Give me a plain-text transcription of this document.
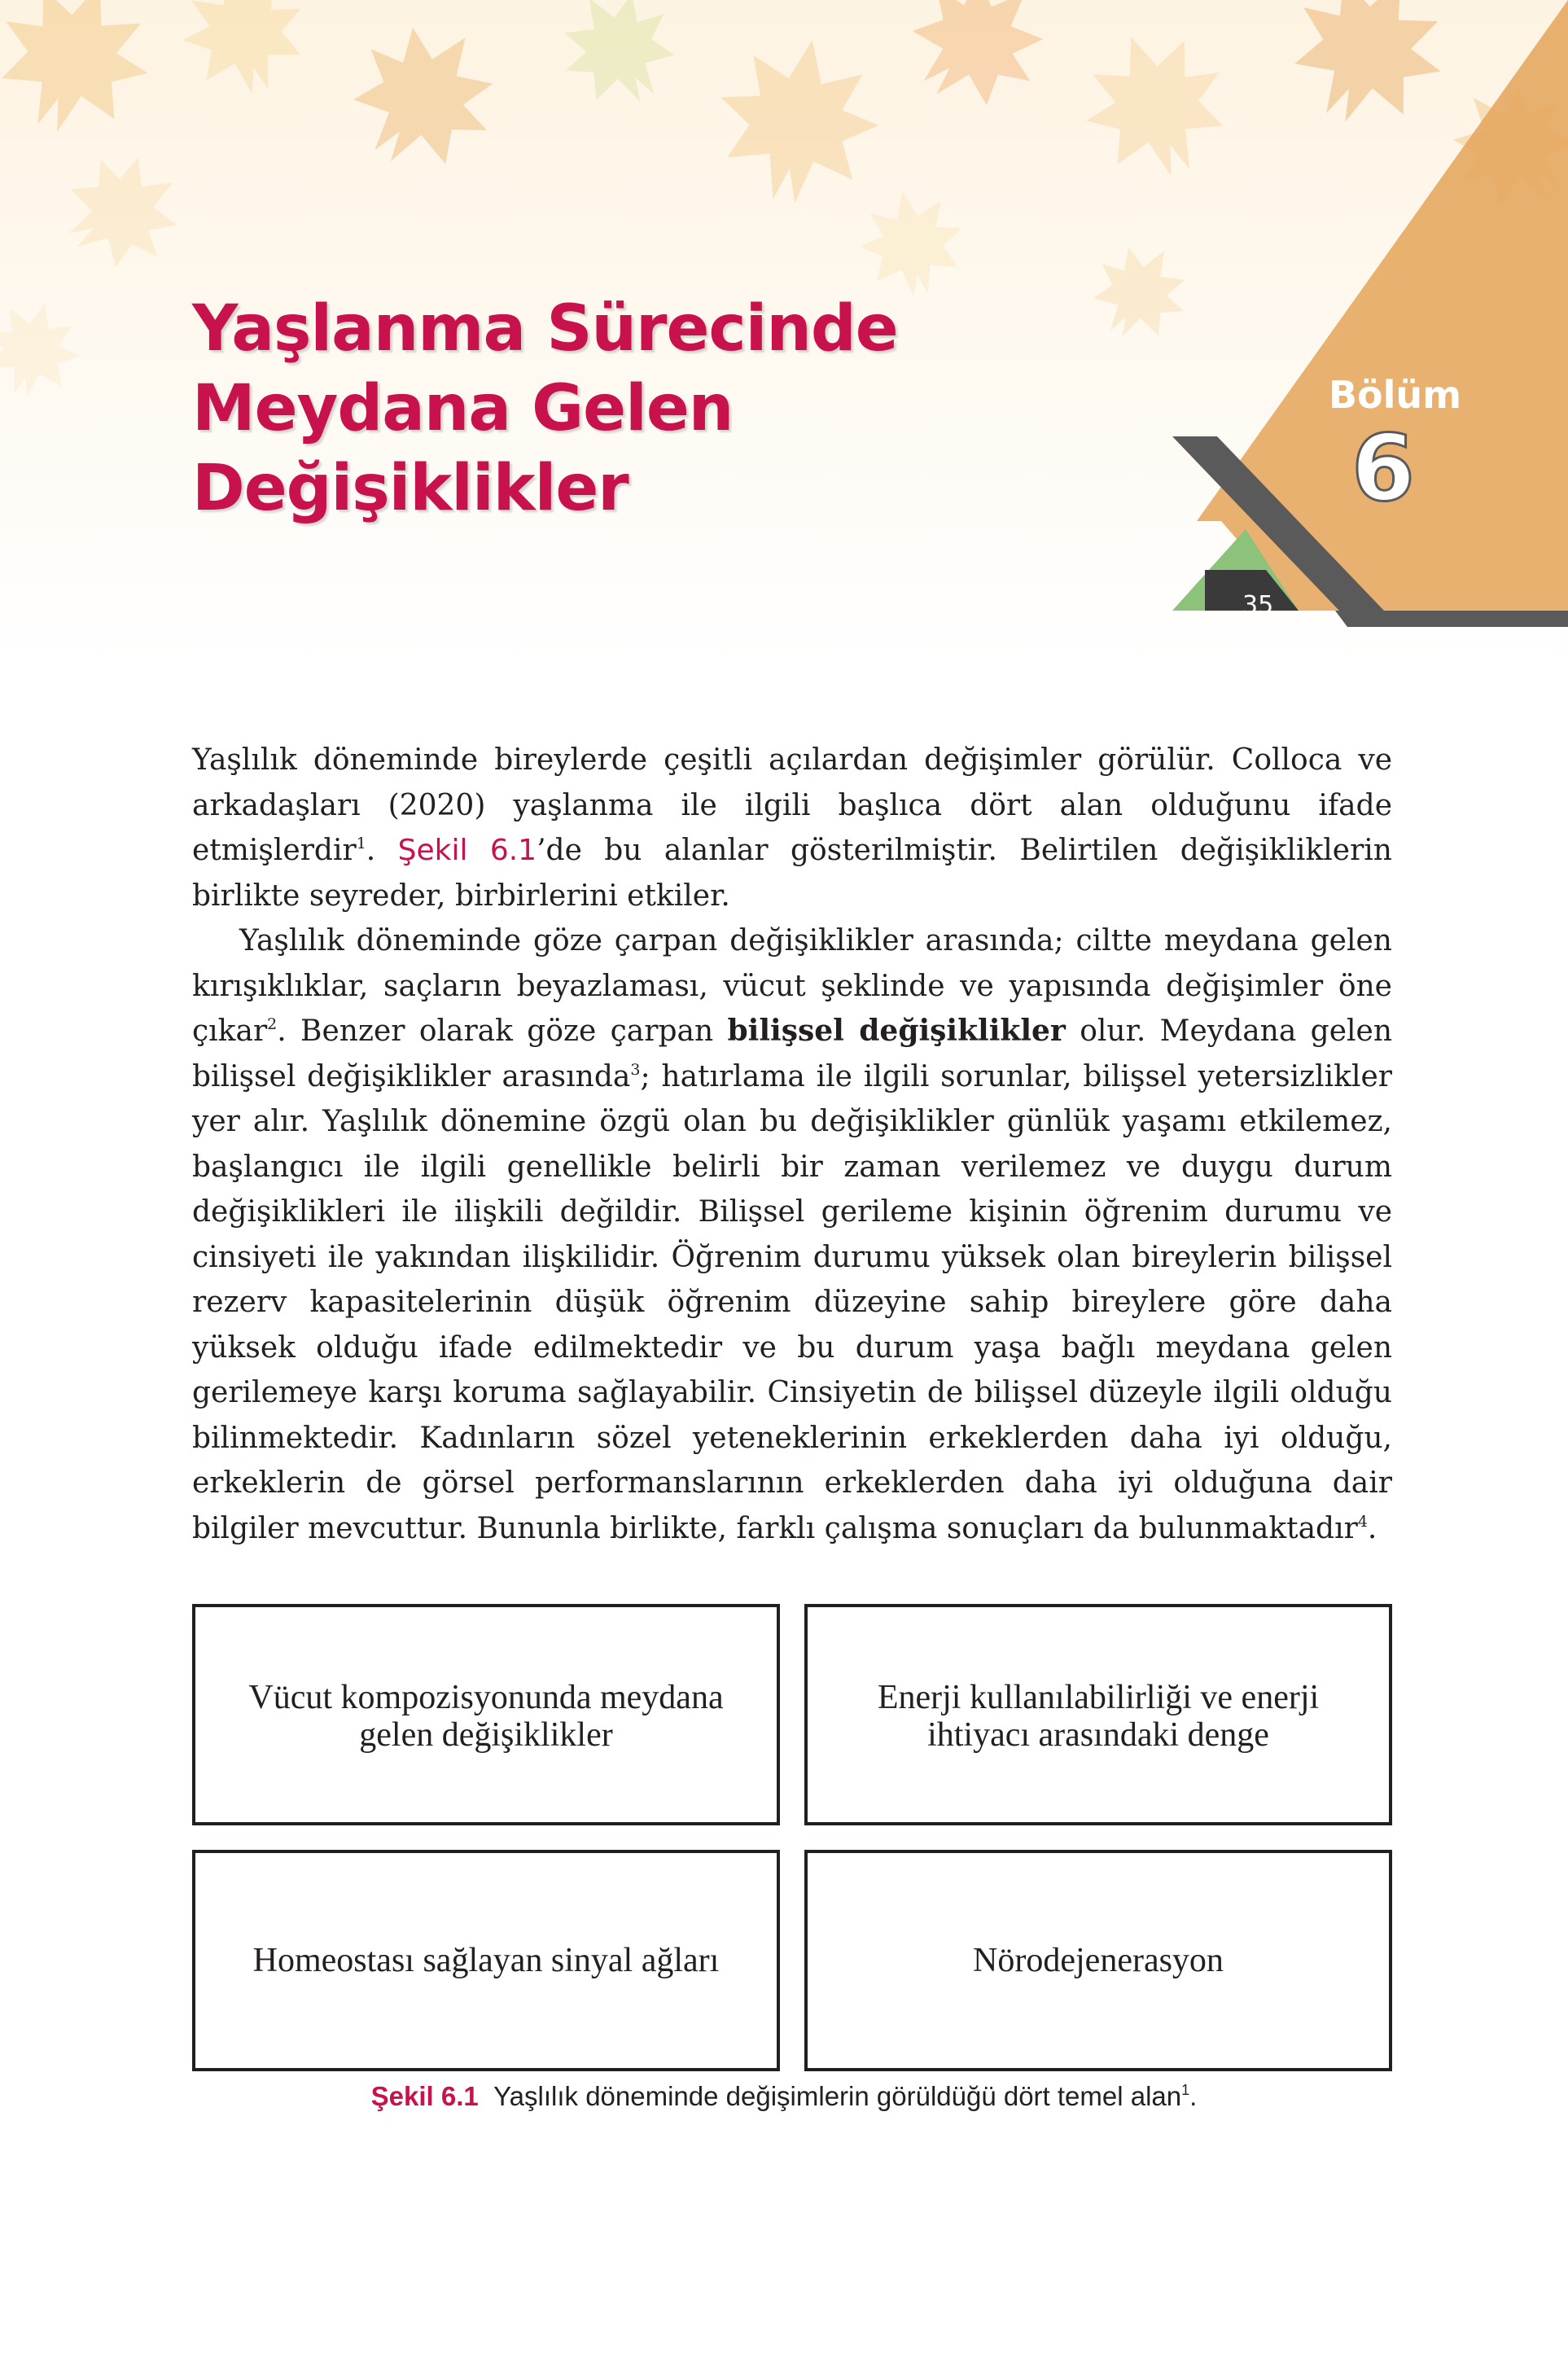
Bölüm
6
35
Yaşlanma Sürecinde
Meydana Gelen
Değişiklikler

Yaşlılık döneminde bireylerde çeşitli açılardan değişimler görülür. Colloca ve arkadaşları (2020) yaşlanma ile ilgili başlıca dört alan olduğunu ifade etmişlerdir$^1$. Şekil 6.1’de bu alanlar gösterilmiştir. Belirtilen değişikliklerin birlikte seyreder, birbirlerini etkiler.

Yaşlılık döneminde göze çarpan değişiklikler arasında; ciltte meydana gelen kırışıklıklar, saçların beyazlaması, vücut şeklinde ve yapısında değişimler öne çıkar$^2$. Benzer olarak göze çarpan bilişsel değişiklikler olur. Meydana gelen bilişsel değişiklikler arasında$^3$; hatırlama ile ilgili sorunlar, bilişsel yetersizlikler yer alır. Yaşlılık dönemine özgü olan bu değişiklikler günlük yaşamı etkilemez, başlangıcı ile ilgili genellikle belirli bir zaman verilemez ve duygu durum değişiklikleri ile ilişkili değildir. Bilişsel gerileme kişinin öğrenim durumu ve cinsiyeti ile yakından ilişkilidir. Öğrenim durumu yüksek olan bireylerin bilişsel rezerv kapasitelerinin düşük öğrenim düzeyine sahip bireylere göre daha yüksek olduğu ifade edilmektedir ve bu durum yaşa bağlı meydana gelen gerilemeye karşı koruma sağlayabilir. Cinsiyetin de bilişsel düzeyle ilgili olduğu bilinmektedir. Kadınların sözel yeteneklerinin erkeklerden daha iyi olduğu, erkeklerin de görsel performanslarının erkeklerden daha iyi olduğuna dair bilgiler mevcuttur. Bununla birlikte, farklı çalışma sonuçları da bulunmaktadır$^4$.

Vücut kompozisyonunda meydana
gelen değişiklikler
Enerji kullanılabilirliği ve enerji
ihtiyacı arasındaki denge
Homeostası sağlayan sinyal ağları	Nörodejenerasyon
Şekil 6.1 Yaşlılık döneminde değişimlerin görüldüğü dört temel alan$^1$.
